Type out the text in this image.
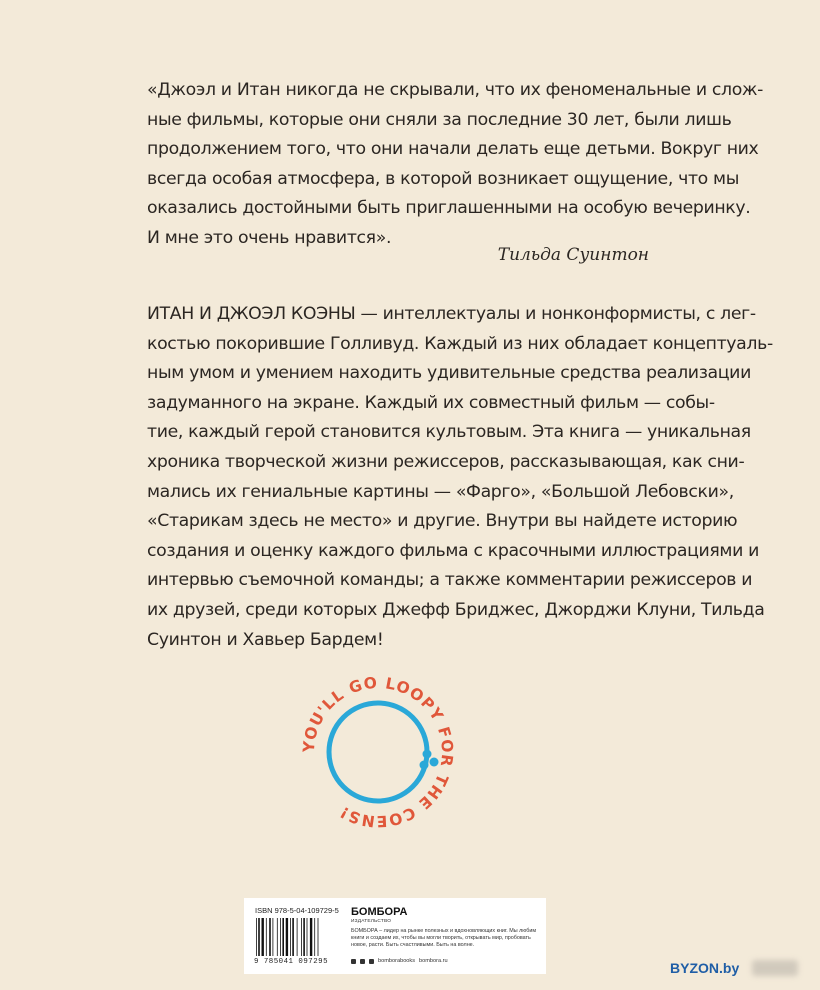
«Джоэл и Итан никогда не скрывали, что их феноменальные и слож-
ные фильмы, которые они сняли за последние 30 лет, были лишь
продолжением того, что они начали делать еще детьми. Вокруг них
всегда особая атмосфера, в которой возникает ощущение, что мы
оказались достойными быть приглашенными на особую вечеринку.
И мне это очень нравится».
Тильда Суинтон
ИТАН И ДЖОЭЛ КОЭНЫ — интеллектуалы и нонконформисты, с лег-
костью покорившие Голливуд. Каждый из них обладает концептуаль-
ным умом и умением находить удивительные средства реализации
задуманного на экране. Каждый их совместный фильм — собы-
тие, каждый герой становится культовым. Эта книга — уникальная
хроника творческой жизни режиссеров, рассказывающая, как сни-
мались их гениальные картины — «Фарго», «Большой Лебовски»,
«Старикам здесь не место» и другие. Внутри вы найдете историю
создания и оценку каждого фильма с красочными иллюстрациями и
интервью съемочной команды; а также комментарии режиссеров и
их друзей, среди которых Джефф Бриджес, Джорджи Клуни, Тильда
Суинтон и Хавьер Бардем!
YOU'LL GO LOOPY FOR THE COENS!
ISBN 978-5-04-109729-5
9 785041 097295
БОМБОРА
ИЗДАТЕЛЬСТВО
БОМБОРА – лидер на рынке полезных и вдохновляющих книг. Мы любим книги и создаем их, чтобы вы могли творить, открывать мир, пробовать новое, расти. Быть счастливыми. Быть на волне.
bomborabooks bombora.ru	BYZON.by
